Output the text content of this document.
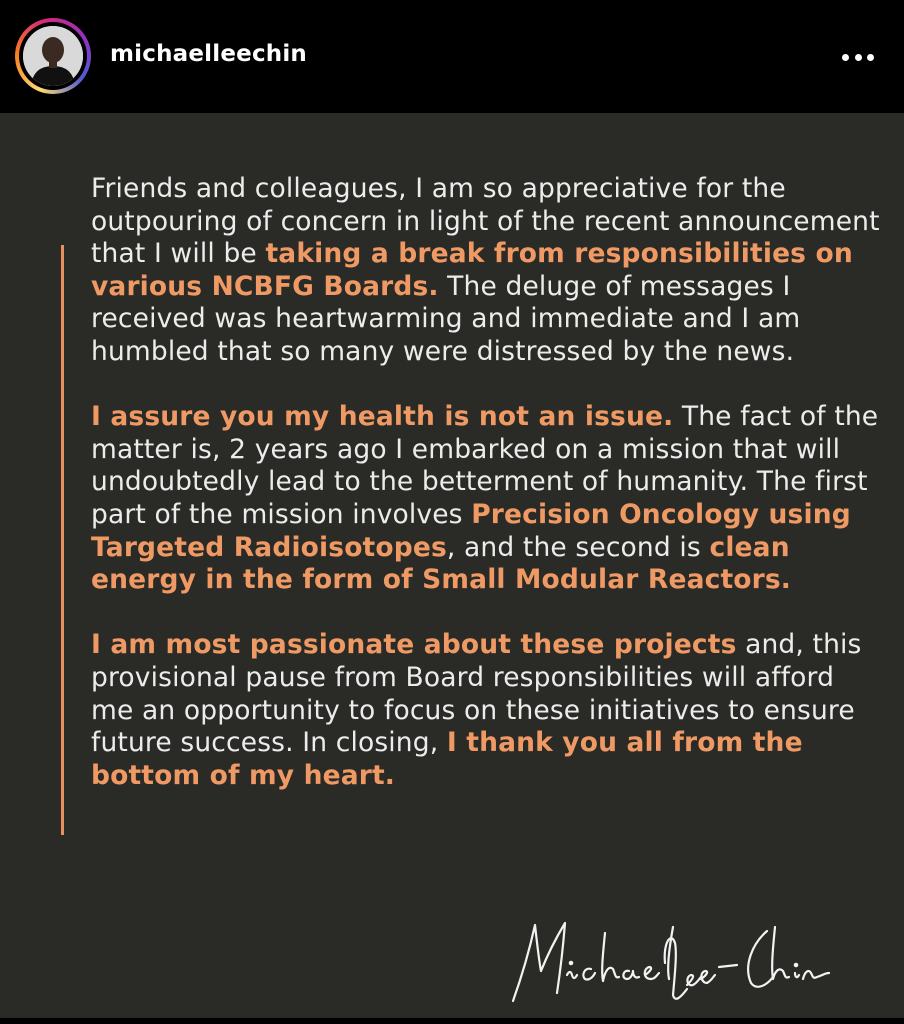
michaelleechin

Friends and colleagues, I am so appreciative for the outpouring of concern in light of the recent announcement that I will be taking a break from responsibilities on various NCBFG Boards. The deluge of messages I received was heartwarming and immediate and I am humbled that so many were distressed by the news.

I assure you my health is not an issue. The fact of the matter is, 2 years ago I embarked on a mission that will undoubtedly lead to the betterment of humanity. The first part of the mission involves Precision Oncology using Targeted Radioisotopes, and the second is clean energy in the form of Small Modular Reactors.

I am most passionate about these projects and, this provisional pause from Board responsibilities will afford me an opportunity to focus on these initiatives to ensure future success. In closing, I thank you all from the bottom of my heart.
